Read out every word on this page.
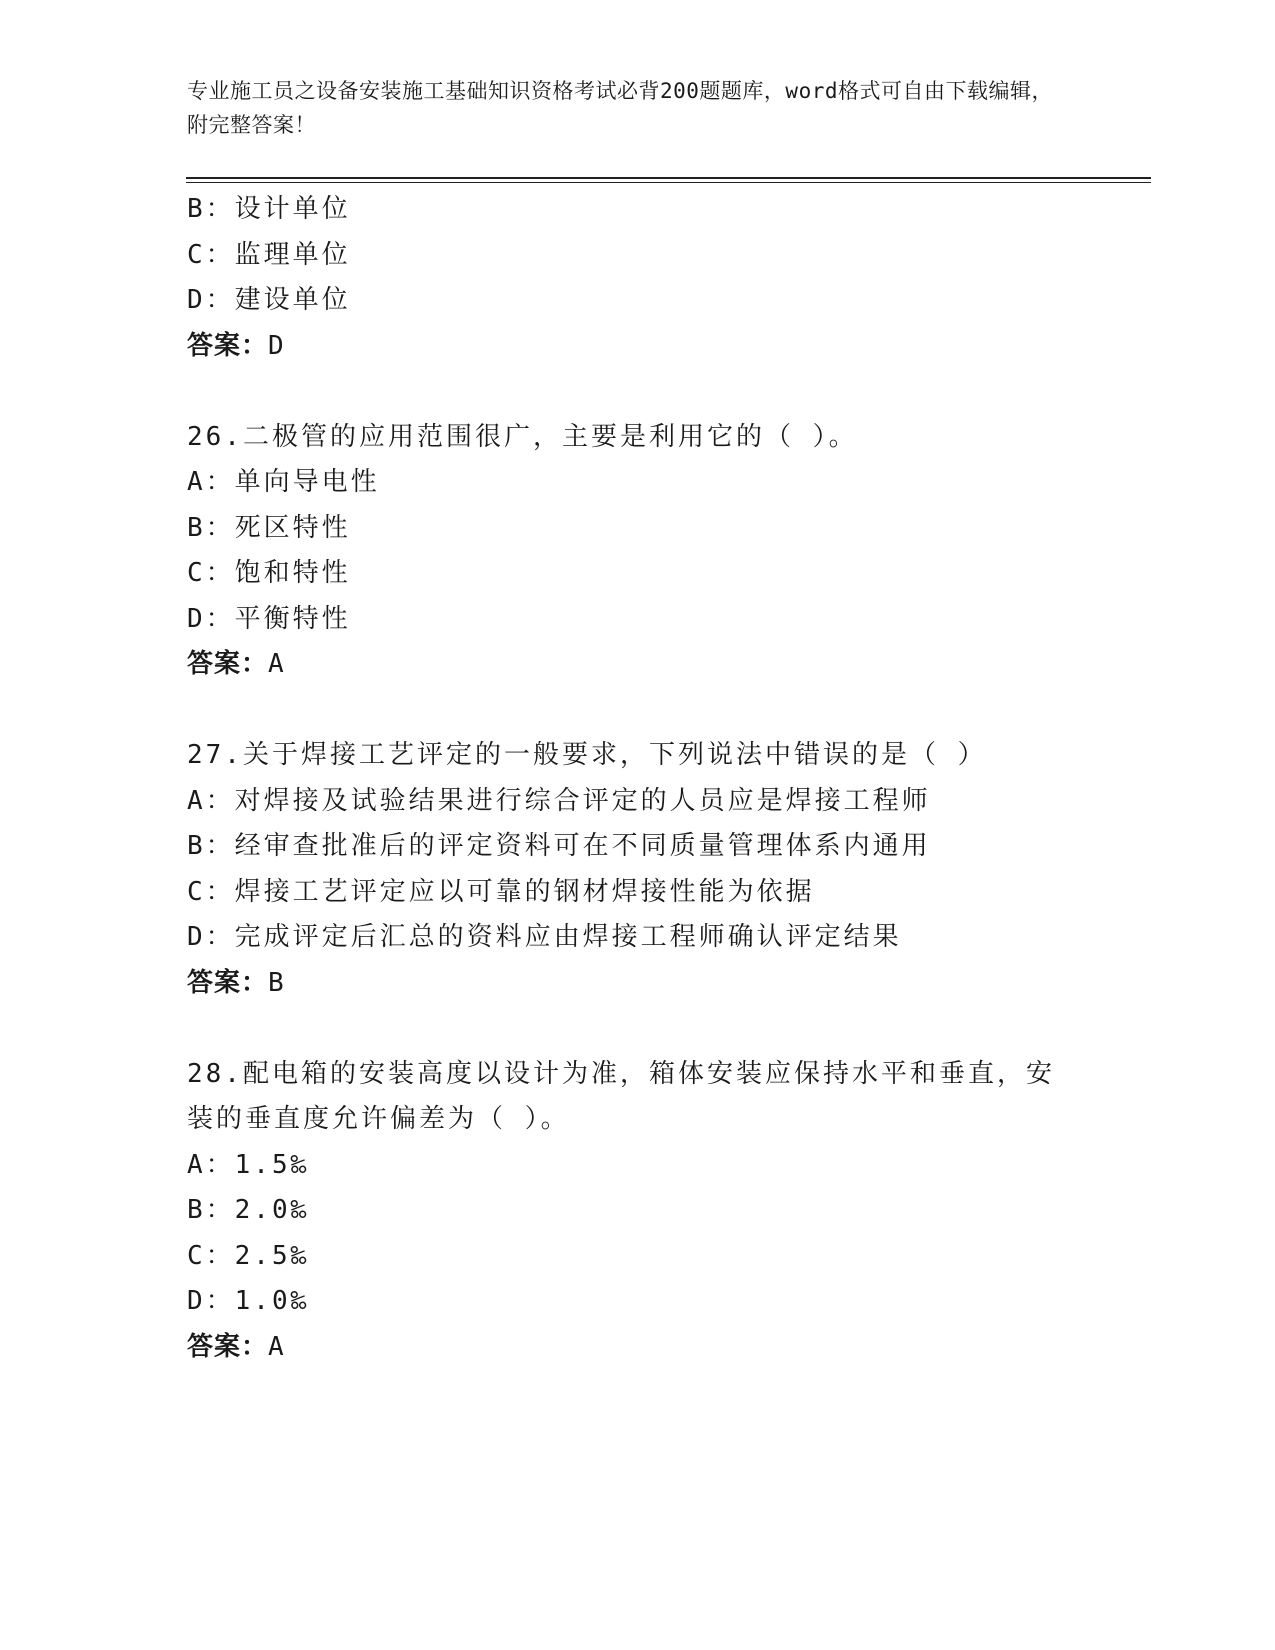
专业施工员之设备安装施工基础知识资格考试必背200题题库，word格式可自由下载编辑，附完整答案！
B：设计单位
C：监理单位
D：建设单位
答案：D
26.二极管的应用范围很广，主要是利用它的（ ）。
A：单向导电性
B：死区特性
C：饱和特性
D：平衡特性
答案：A
27.关于焊接工艺评定的一般要求，下列说法中错误的是（ ）
A：对焊接及试验结果进行综合评定的人员应是焊接工程师
B：经审查批准后的评定资料可在不同质量管理体系内通用
C：焊接工艺评定应以可靠的钢材焊接性能为依据
D：完成评定后汇总的资料应由焊接工程师确认评定结果
答案：B
28.配电箱的安装高度以设计为准，箱体安装应保持水平和垂直，安装的垂直度允许偏差为（ ）。
A：1.5‰
B：2.0‰
C：2.5‰
D：1.0‰
答案：A
